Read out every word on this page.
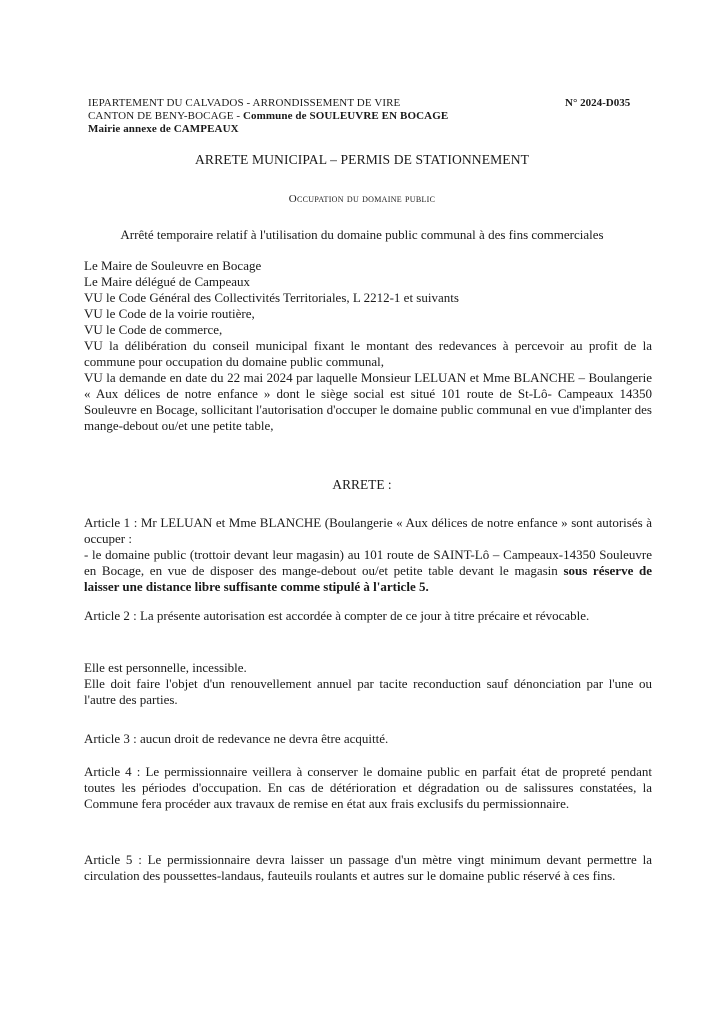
IEPARTEMENT DU CALVADOS - ARRONDISSEMENT DE VIRE
CANTON DE BENY-BOCAGE - Commune de SOULEUVRE EN BOCAGE
Mairie annexe de CAMPEAUX
N° 2024-D035
ARRETE MUNICIPAL – PERMIS DE STATIONNEMENT
Occupation du domaine public
Arrêté temporaire relatif à l'utilisation du domaine public communal à des fins commerciales

Le Maire de Souleuvre en Bocage

Le Maire délégué de Campeaux

VU le Code Général des Collectivités Territoriales, L 2212-1 et suivants

VU le Code de la voirie routière,

VU le Code de commerce,

VU la délibération du conseil municipal fixant le montant des redevances à percevoir au profit de la commune pour occupation du domaine public communal,

VU la demande en date du 22 mai 2024 par laquelle Monsieur LELUAN et Mme BLANCHE – Boulangerie « Aux délices de notre enfance » dont le siège social est situé 101 route de St-Lô- Campeaux 14350 Souleuvre en Bocage, sollicitant l'autorisation d'occuper le domaine public communal en vue d'implanter des mange-debout ou/et une petite table,

ARRETE :

Article 1 : Mr LELUAN et Mme BLANCHE (Boulangerie « Aux délices de notre enfance » sont autorisés à occuper :

- le domaine public (trottoir devant leur magasin) au 101 route de SAINT-Lô – Campeaux-14350 Souleuvre en Bocage, en vue de disposer des mange-debout ou/et petite table devant le magasin sous réserve de laisser une distance libre suffisante comme stipulé à l'article 5.

Article 2 : La présente autorisation est accordée à compter de ce jour à titre précaire et révocable.

Elle est personnelle, incessible.

Elle doit faire l'objet d'un renouvellement annuel par tacite reconduction sauf dénonciation par l'une ou l'autre des parties.

Article 3 : aucun droit de redevance ne devra être acquitté.
Article 4 : Le permissionnaire veillera à conserver le domaine public en parfait état de propreté pendant toutes les périodes d'occupation. En cas de détérioration et dégradation ou de salissures constatées, la Commune fera procéder aux travaux de remise en état aux frais exclusifs du permissionnaire.
Article 5 : Le permissionnaire devra laisser un passage d'un mètre vingt minimum devant permettre la circulation des poussettes-landaus, fauteuils roulants et autres sur le domaine public réservé à ces fins.
